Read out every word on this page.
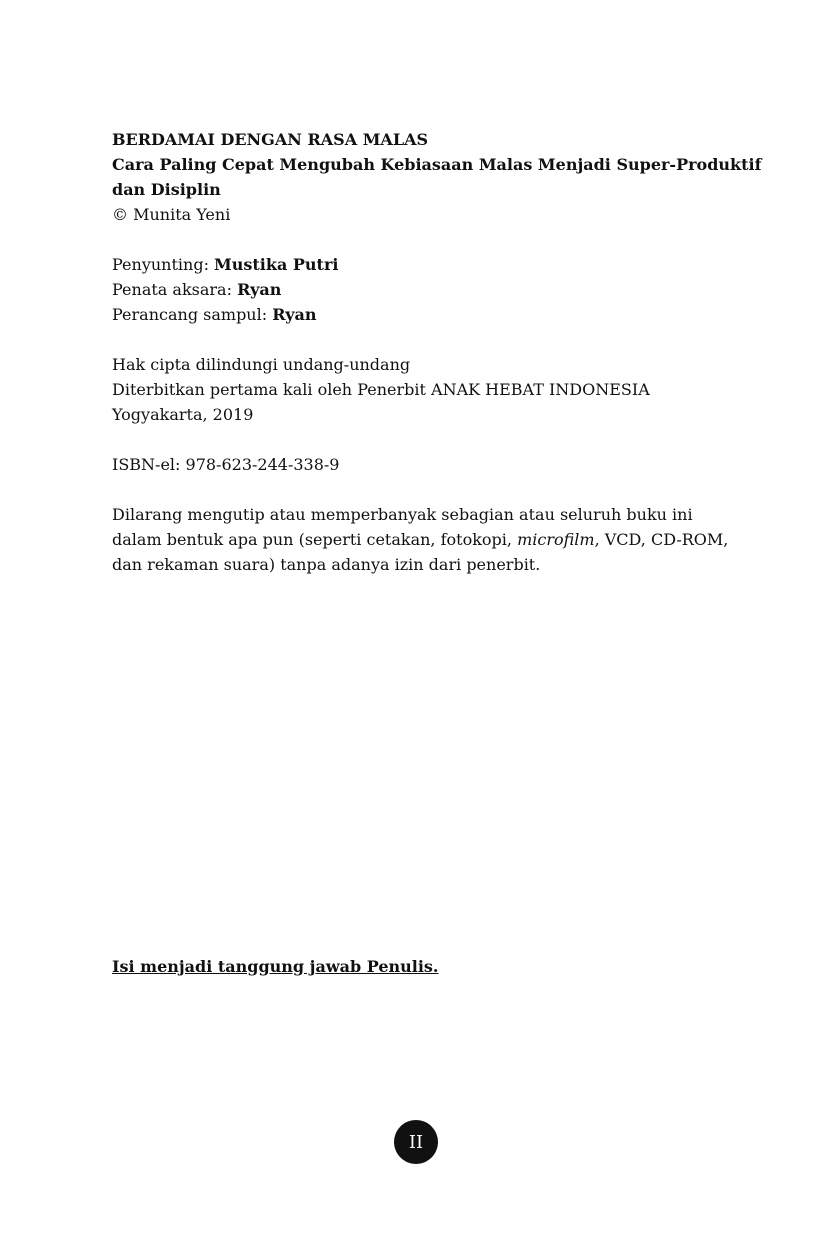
BERDAMAI DENGAN RASA MALAS
Cara Paling Cepat Mengubah Kebiasaan Malas Menjadi Super-Produktif
dan Disiplin
© Munita Yeni
Penyunting: Mustika Putri
Penata aksara: Ryan
Perancang sampul: Ryan
Hak cipta dilindungi undang-undang
Diterbitkan pertama kali oleh Penerbit ANAK HEBAT INDONESIA
Yogyakarta, 2019
ISBN-el: 978-623-244-338-9
Dilarang mengutip atau memperbanyak sebagian atau seluruh buku ini
dalam bentuk apa pun (seperti cetakan, fotokopi, microfilm, VCD, CD-ROM,
dan rekaman suara) tanpa adanya izin dari penerbit.
Isi menjadi tanggung jawab Penulis.
II
